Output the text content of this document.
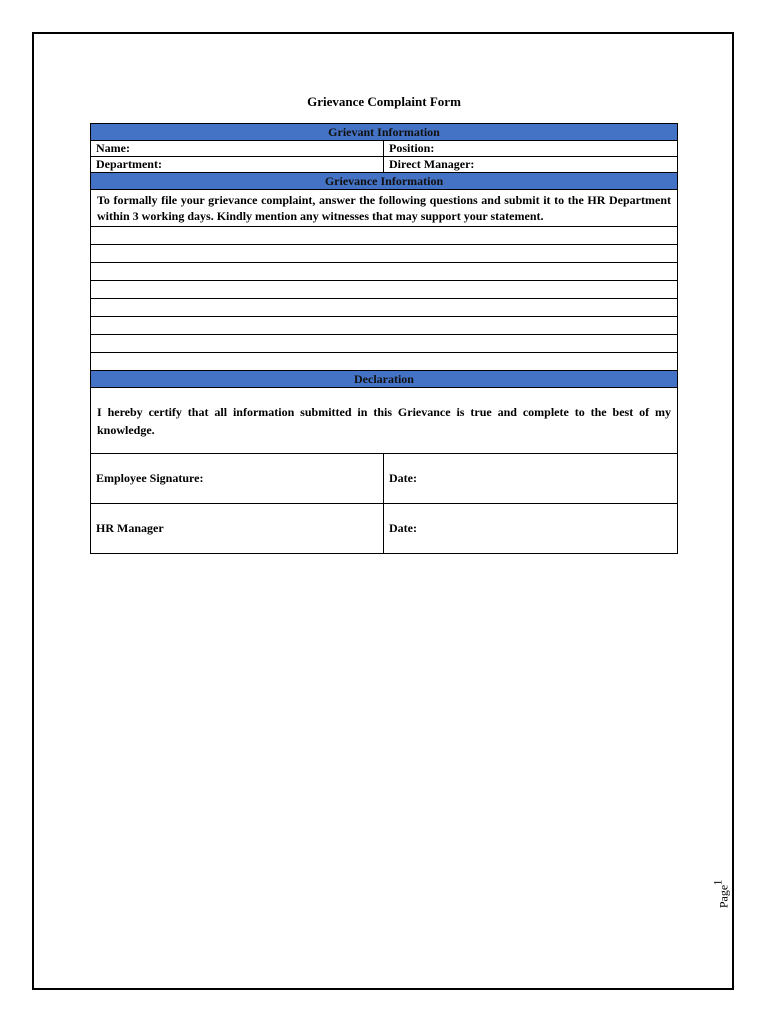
Grievance Complaint Form
Grievant Information
Name:	Position:
Department:	Direct Manager:
Grievance Information
To formally file your grievance complaint, answer the following questions and submit it to the HR Department within 3 working days. Kindly mention any witnesses that may support your statement.
Declaration
I hereby certify that all information submitted in this Grievance is true and complete to the best of my knowledge.
Employee Signature:	Date:
HR Manager	Date:
Page
1
